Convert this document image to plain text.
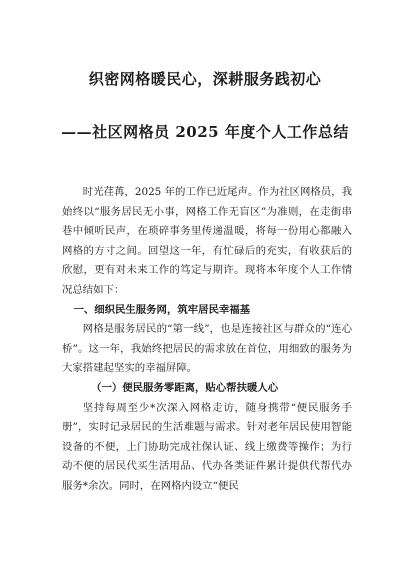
织密网格暖民心，深耕服务践初心
——社区网格员 2025 年度个人工作总结

时光荏苒，2025 年的工作已近尾声。作为社区网格员，我始终以“服务居民无小事，网格工作无盲区”为准则，在走街串巷中倾听民声，在琐碎事务里传递温暖，将每一份用心都融入网格的方寸之间。回望这一年，有忙碌后的充实，有收获后的欣慰，更有对未来工作的笃定与期许。现将本年度个人工作情况总结如下：

一、细织民生服务网，筑牢居民幸福基

网格是服务居民的“第一线”，也是连接社区与群众的“连心桥”。这一年，我始终把居民的需求放在首位，用细致的服务为大家搭建起坚实的幸福屏障。

（一）便民服务零距离，贴心帮扶暖人心

坚持每周至少*次深入网格走访，随身携带“便民服务手册”，实时记录居民的生活难题与需求。针对老年居民使用智能设备的不便，上门协助完成社保认证、线上缴费等操作；为行动不便的居民代买生活用品、代办各类证件累计提供代帮代办服务*余次。同时，在网格内设立“便民
